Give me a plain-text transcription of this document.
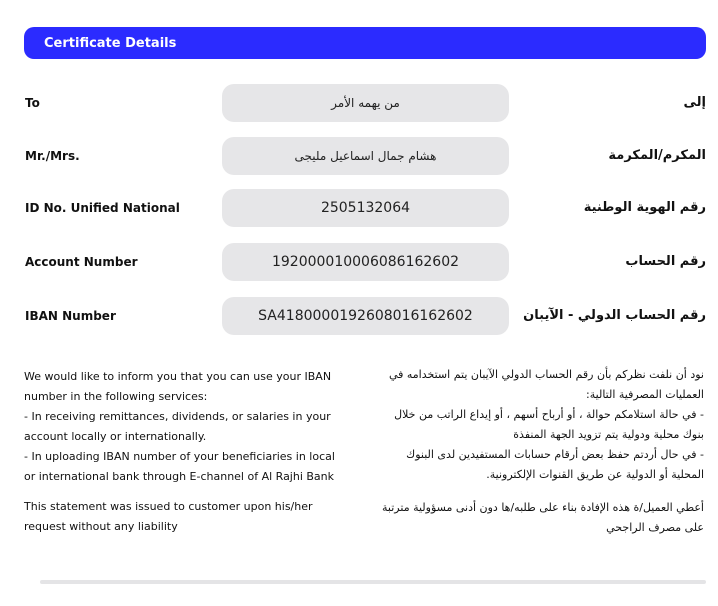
Certificate Details
To	من يهمه الأمر	إلى
Mr./Mrs.	هشام جمال اسماعيل مليجى	المكرم/المكرمة
ID No. Unified National	2505132064	رقم الهوية الوطنية
Account Number	19200001000608616260​2	رقم الحساب
IBAN Number	SA4180000192608016162602	رقم الحساب الدولي - الآيبان
We would like to inform you that you can use your IBAN
number in the following services:
- In receiving remittances, dividends, or salaries in your
account locally or internationally.
- In uploading IBAN number of your beneficiaries in local
or international bank through E-channel of Al Rajhi Bank
نود أن نلفت نظركم بأن رقم الحساب الدولي الآيبان يتم استخدامه في
العمليات المصرفية التالية:
- في حالة استلامكم حوالة ، أو أرباح أسهم ، أو إيداع الراتب من خلال
بنوك محلية ودولية يتم تزويد الجهة المنفذة
- في حال أردتم حفظ بعض أرقام حسابات المستفيدين لدى البنوك
المحلية أو الدولية عن طريق القنوات الإلكترونية.
This statement was issued to customer upon his/her
request without any liability
أعطي العميل/ة هذه الإفادة بناء على طلبه/ها دون أدنى مسؤولية مترتبة
على مصرف الراجحي
